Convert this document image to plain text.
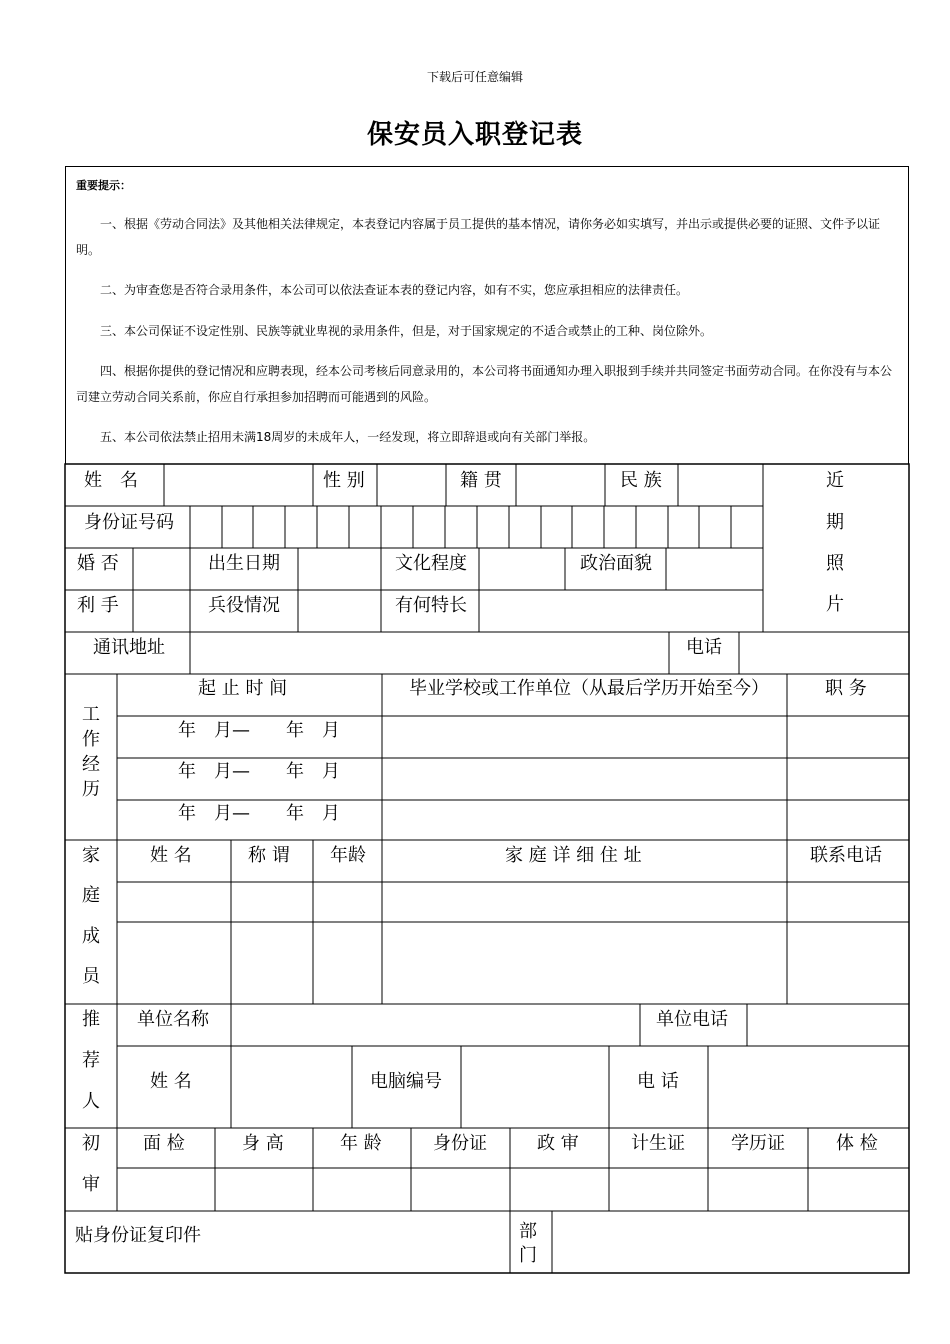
下载后可任意编辑
保安员入职登记表
重要提示：
一、根据《劳动合同法》及其他相关法律规定，本表登记内容属于员工提供的基本情况，请你务必如实填写，并出示或提供必要的证照、文件予以证明。
二、为审查您是否符合录用条件，本公司可以依法查证本表的登记内容，如有不实，您应承担相应的法律责任。
三、本公司保证不设定性别、民族等就业卑视的录用条件，但是，对于国家规定的不适合或禁止的工种、岗位除外。
四、根据你提供的登记情况和应聘表现，经本公司考核后同意录用的，本公司将书面通知办理入职报到手续并共同签定书面劳动合同。在你没有与本公司建立劳动合同关系前，你应自行承担参加招聘而可能遇到的风险。
五、本公司依法禁止招用未满18周岁的未成年人，一经发现，将立即辞退或向有关部门举报。
姓　名	性 别	籍 贯	民 族	近
期
照
片
身份证号码
婚 否	出生日期	文化程度	政治面貌
利 手	兵役情况	有何特长
通讯地址	电话
工
作
经
历
起 止 时 间	毕业学校或工作单位（从最后学历开始至今）	职 务
年　月—　　年　月
年　月—　　年　月
年　月—　　年　月
家
庭
成
员
姓 名	称 谓 年龄	家 庭 详 细 住 址	联系电话
推
荐
人
单位名称	单位电话
姓 名	电脑编号	电 话
初
审
面 检	身 高	年 龄	身份证	政 审	计生证	学历证	体 检
贴身份证复印件	部
门
